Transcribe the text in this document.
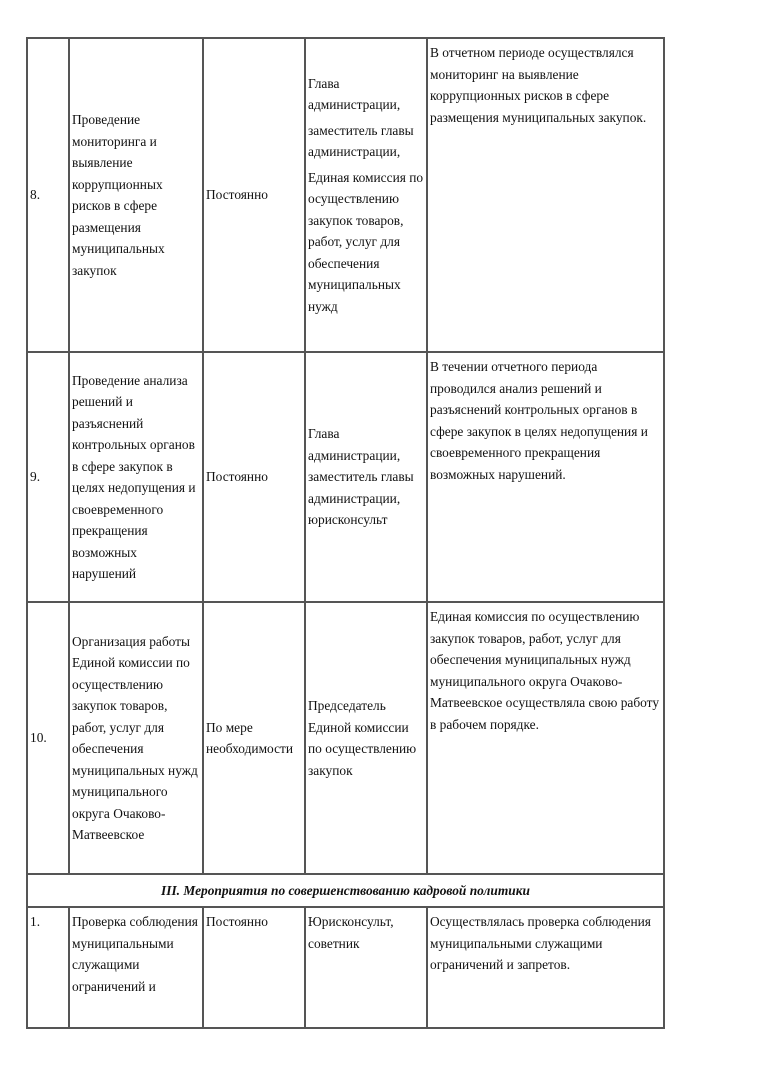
8.	Проведение мониторинга и выявление коррупционных рисков в сфере размещения муниципальных закупок	Постоянно	Глава администрации,
заместитель главы администрации,
Единая комиссия по осуществлению закупок товаров, работ, услуг для обеспечения муниципальных нужд	В отчетном периоде осуществлялся мониторинг на выявление коррупционных рисков в сфере размещения муниципальных закупок.
9.	Проведение анализа решений и разъяснений контрольных органов в сфере закупок в целях недопущения и своевременного прекращения возможных нарушений	Постоянно	Глава администрации, заместитель главы администрации, юрисконсульт	В течении отчетного периода проводился анализ решений и разъяснений контрольных органов в сфере закупок в целях недопущения и своевременного прекращения возможных нарушений.
10.	Организация работы Единой комиссии по осуществлению закупок товаров, работ, услуг для обеспечения муниципальных нужд муниципального округа Очаково-Матвеевское	По мере необходимости	Председатель Единой комиссии по осуществлению закупок	Единая комиссия по осуществлению закупок товаров, работ, услуг для обеспечения муниципальных нужд муниципального округа Очаково-Матвеевское осуществляла свою работу в рабочем порядке.
III. Мероприятия по совершенствованию кадровой политики				
1.	Проверка соблюдения муниципальными служащими ограничений и	Постоянно	Юрисконсульт, советник	Осуществлялась проверка соблюдения муниципальными служащими ограничений и запретов.
